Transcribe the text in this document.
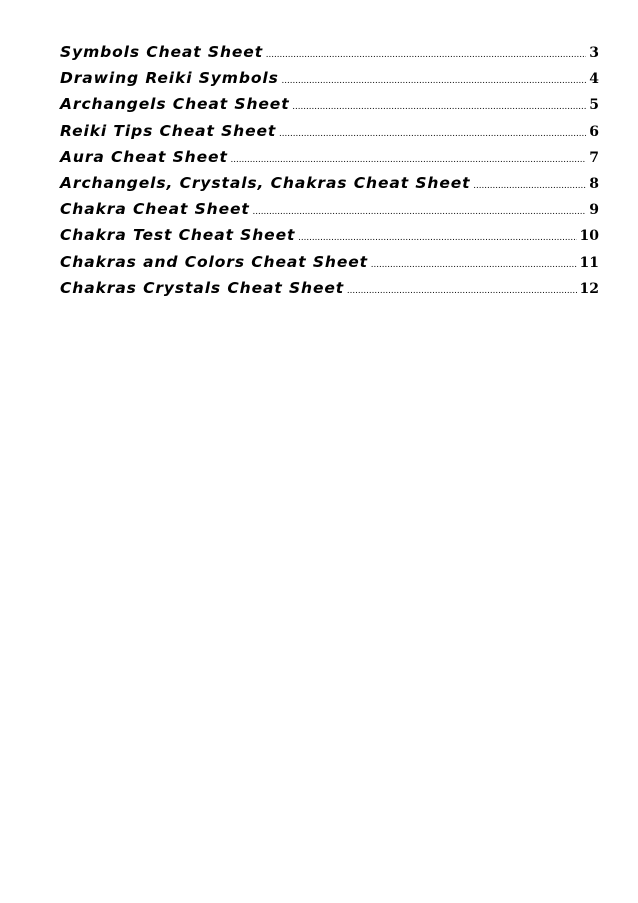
Symbols Cheat Sheet .....	3
Drawing Reiki Symbols .....	4
Archangels Cheat Sheet .....	5
Reiki Tips Cheat Sheet .....	6
Aura Cheat Sheet .....	7
Archangels, Crystals, Chakras Cheat Sheet .....	8
Chakra Cheat Sheet .....	9
Chakra Test Cheat Sheet .....	10
Chakras and Colors Cheat Sheet .....	11
Chakras Crystals Cheat Sheet .....	12
